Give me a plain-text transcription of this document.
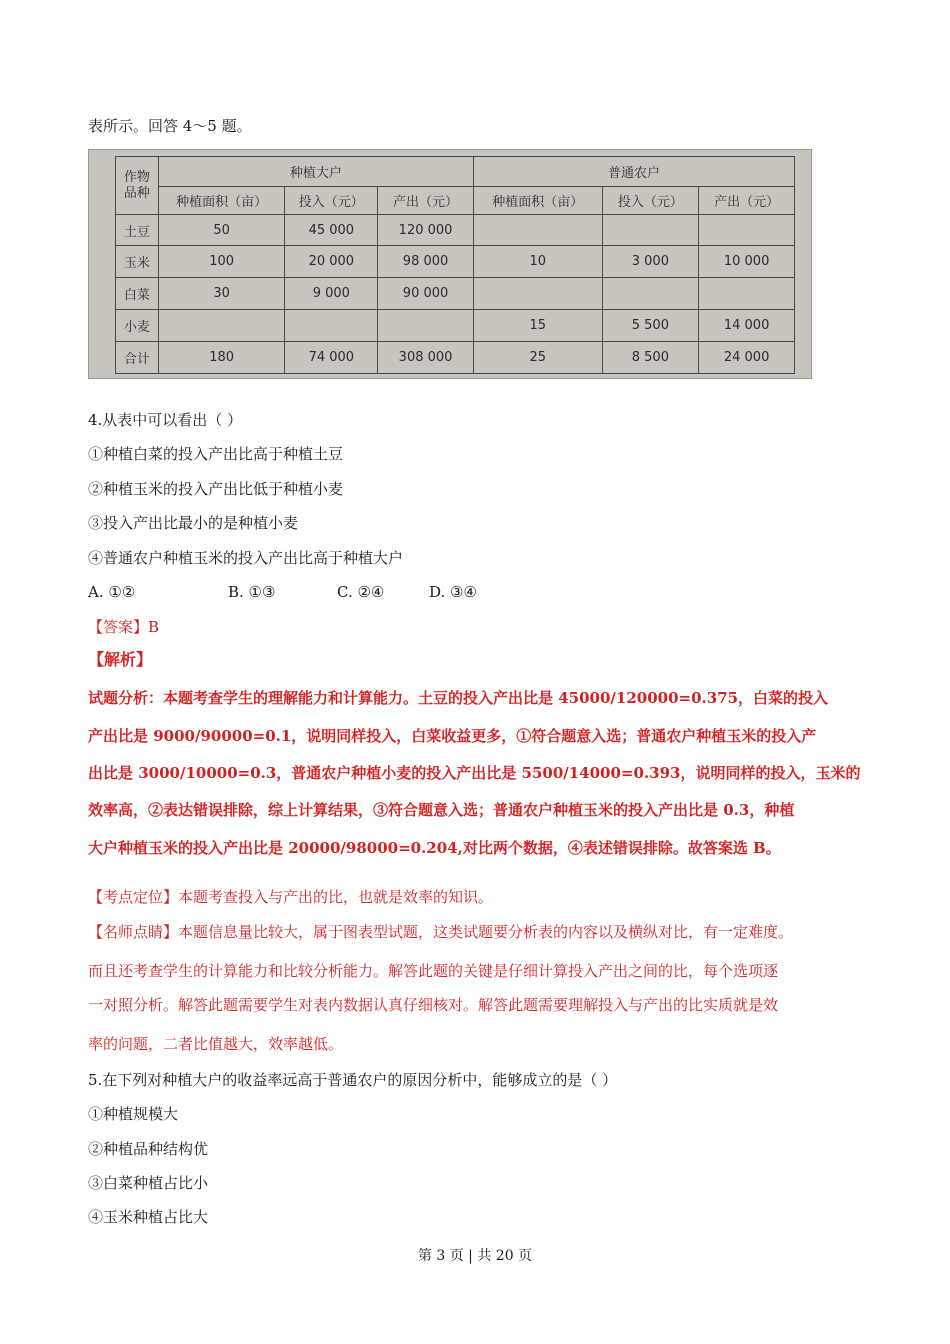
表所示。回答 4～5 题。
作物
品种	种植大户			普通农户		
	种植面积（亩）	投入（元）	产出（元）	种植面积（亩）	投入（元）	产出（元）
土豆	50	45 000	120 000			
玉米	100	20 000	98 000	10	3 000	10 000
白菜	30	9 000	90 000			
小麦				15	5 500	14 000
合计	180	74 000	308 000	25	8 500	24 000
4.从表中可以看出（ ）
①种植白菜的投入产出比高于种植土豆
②种植玉米的投入产出比低于种植小麦
③投入产出比最小的是种植小麦
④普通农户种植玉米的投入产出比高于种植大户
A. ①②	B. ①③	C. ②④	D. ③④
【答案】B
【解析】
试题分析：本题考查学生的理解能力和计算能力。土豆的投入产出比是 45000/120000=0.375，白菜的投入
产出比是 9000/90000=0.1，说明同样投入，白菜收益更多，①符合题意入选；普通农户种植玉米的投入产
出比是 3000/10000=0.3，普通农户种植小麦的投入产出比是 5500/14000=0.393，说明同样的投入，玉米的
效率高，②表达错误排除，综上计算结果，③符合题意入选；普通农户种植玉米的投入产出比是 0.3，种植
大户种植玉米的投入产出比是 20000/98000=0.204,对比两个数据，④表述错误排除。故答案选 B。
【考点定位】本题考查投入与产出的比，也就是效率的知识。
【名师点睛】本题信息量比较大，属于图表型试题，这类试题要分析表的内容以及横纵对比，有一定难度。
而且还考查学生的计算能力和比较分析能力。解答此题的关键是仔细计算投入产出之间的比，每个选项逐
一对照分析。解答此题需要学生对表内数据认真仔细核对。解答此题需要理解投入与产出的比实质就是效
率的问题，二者比值越大，效率越低。
5.在下列对种植大户的收益率远高于普通农户的原因分析中，能够成立的是（ ）
①种植规模大
②种植品种结构优
③白菜种植占比小
④玉米种植占比大
第 3 页 | 共 20 页
